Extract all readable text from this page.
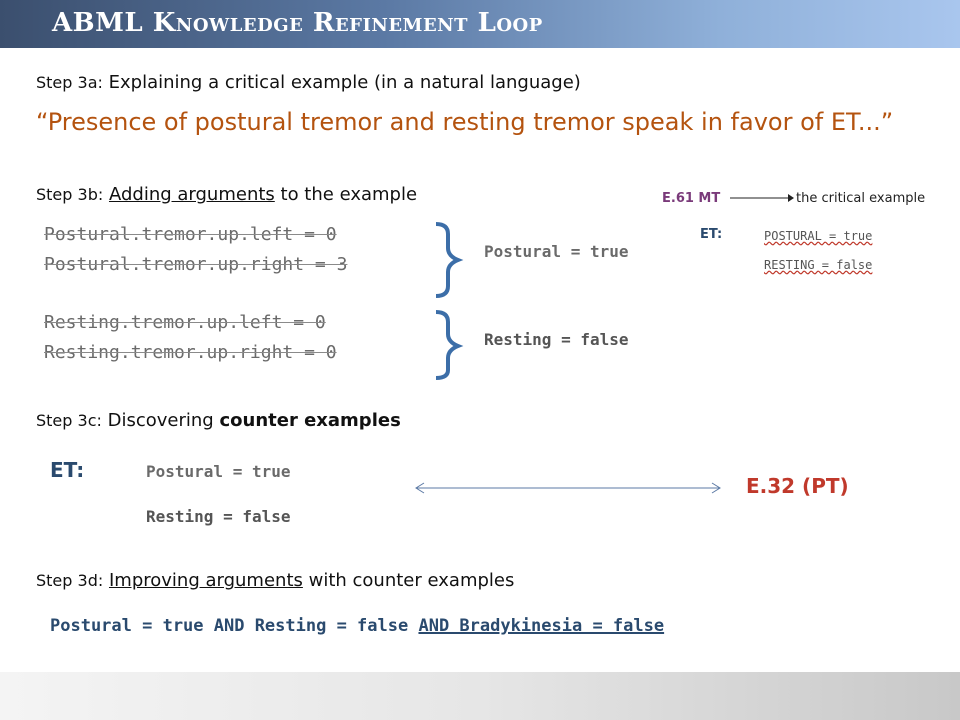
ABML Knowledge Refinement Loop
Step 3a: Explaining a critical example (in a natural language)
“Presence of postural tremor and resting tremor speak in favor of ET...”
Step 3b: Adding arguments to the example
Postural.tremor.up.left = 0
Postural.tremor.up.right = 3
Resting.tremor.up.left = 0
Resting.tremor.up.right = 0
Postural = true
Resting = false
E.61 MT	the critical example
ET:	POSTURAL = true
RESTING = false
Step 3c: Discovering counter examples
ET:	Postural = true
Resting = false
E.32 (PT)
Step 3d: Improving arguments with counter examples
Postural = true AND Resting = false AND Bradykinesia = false
